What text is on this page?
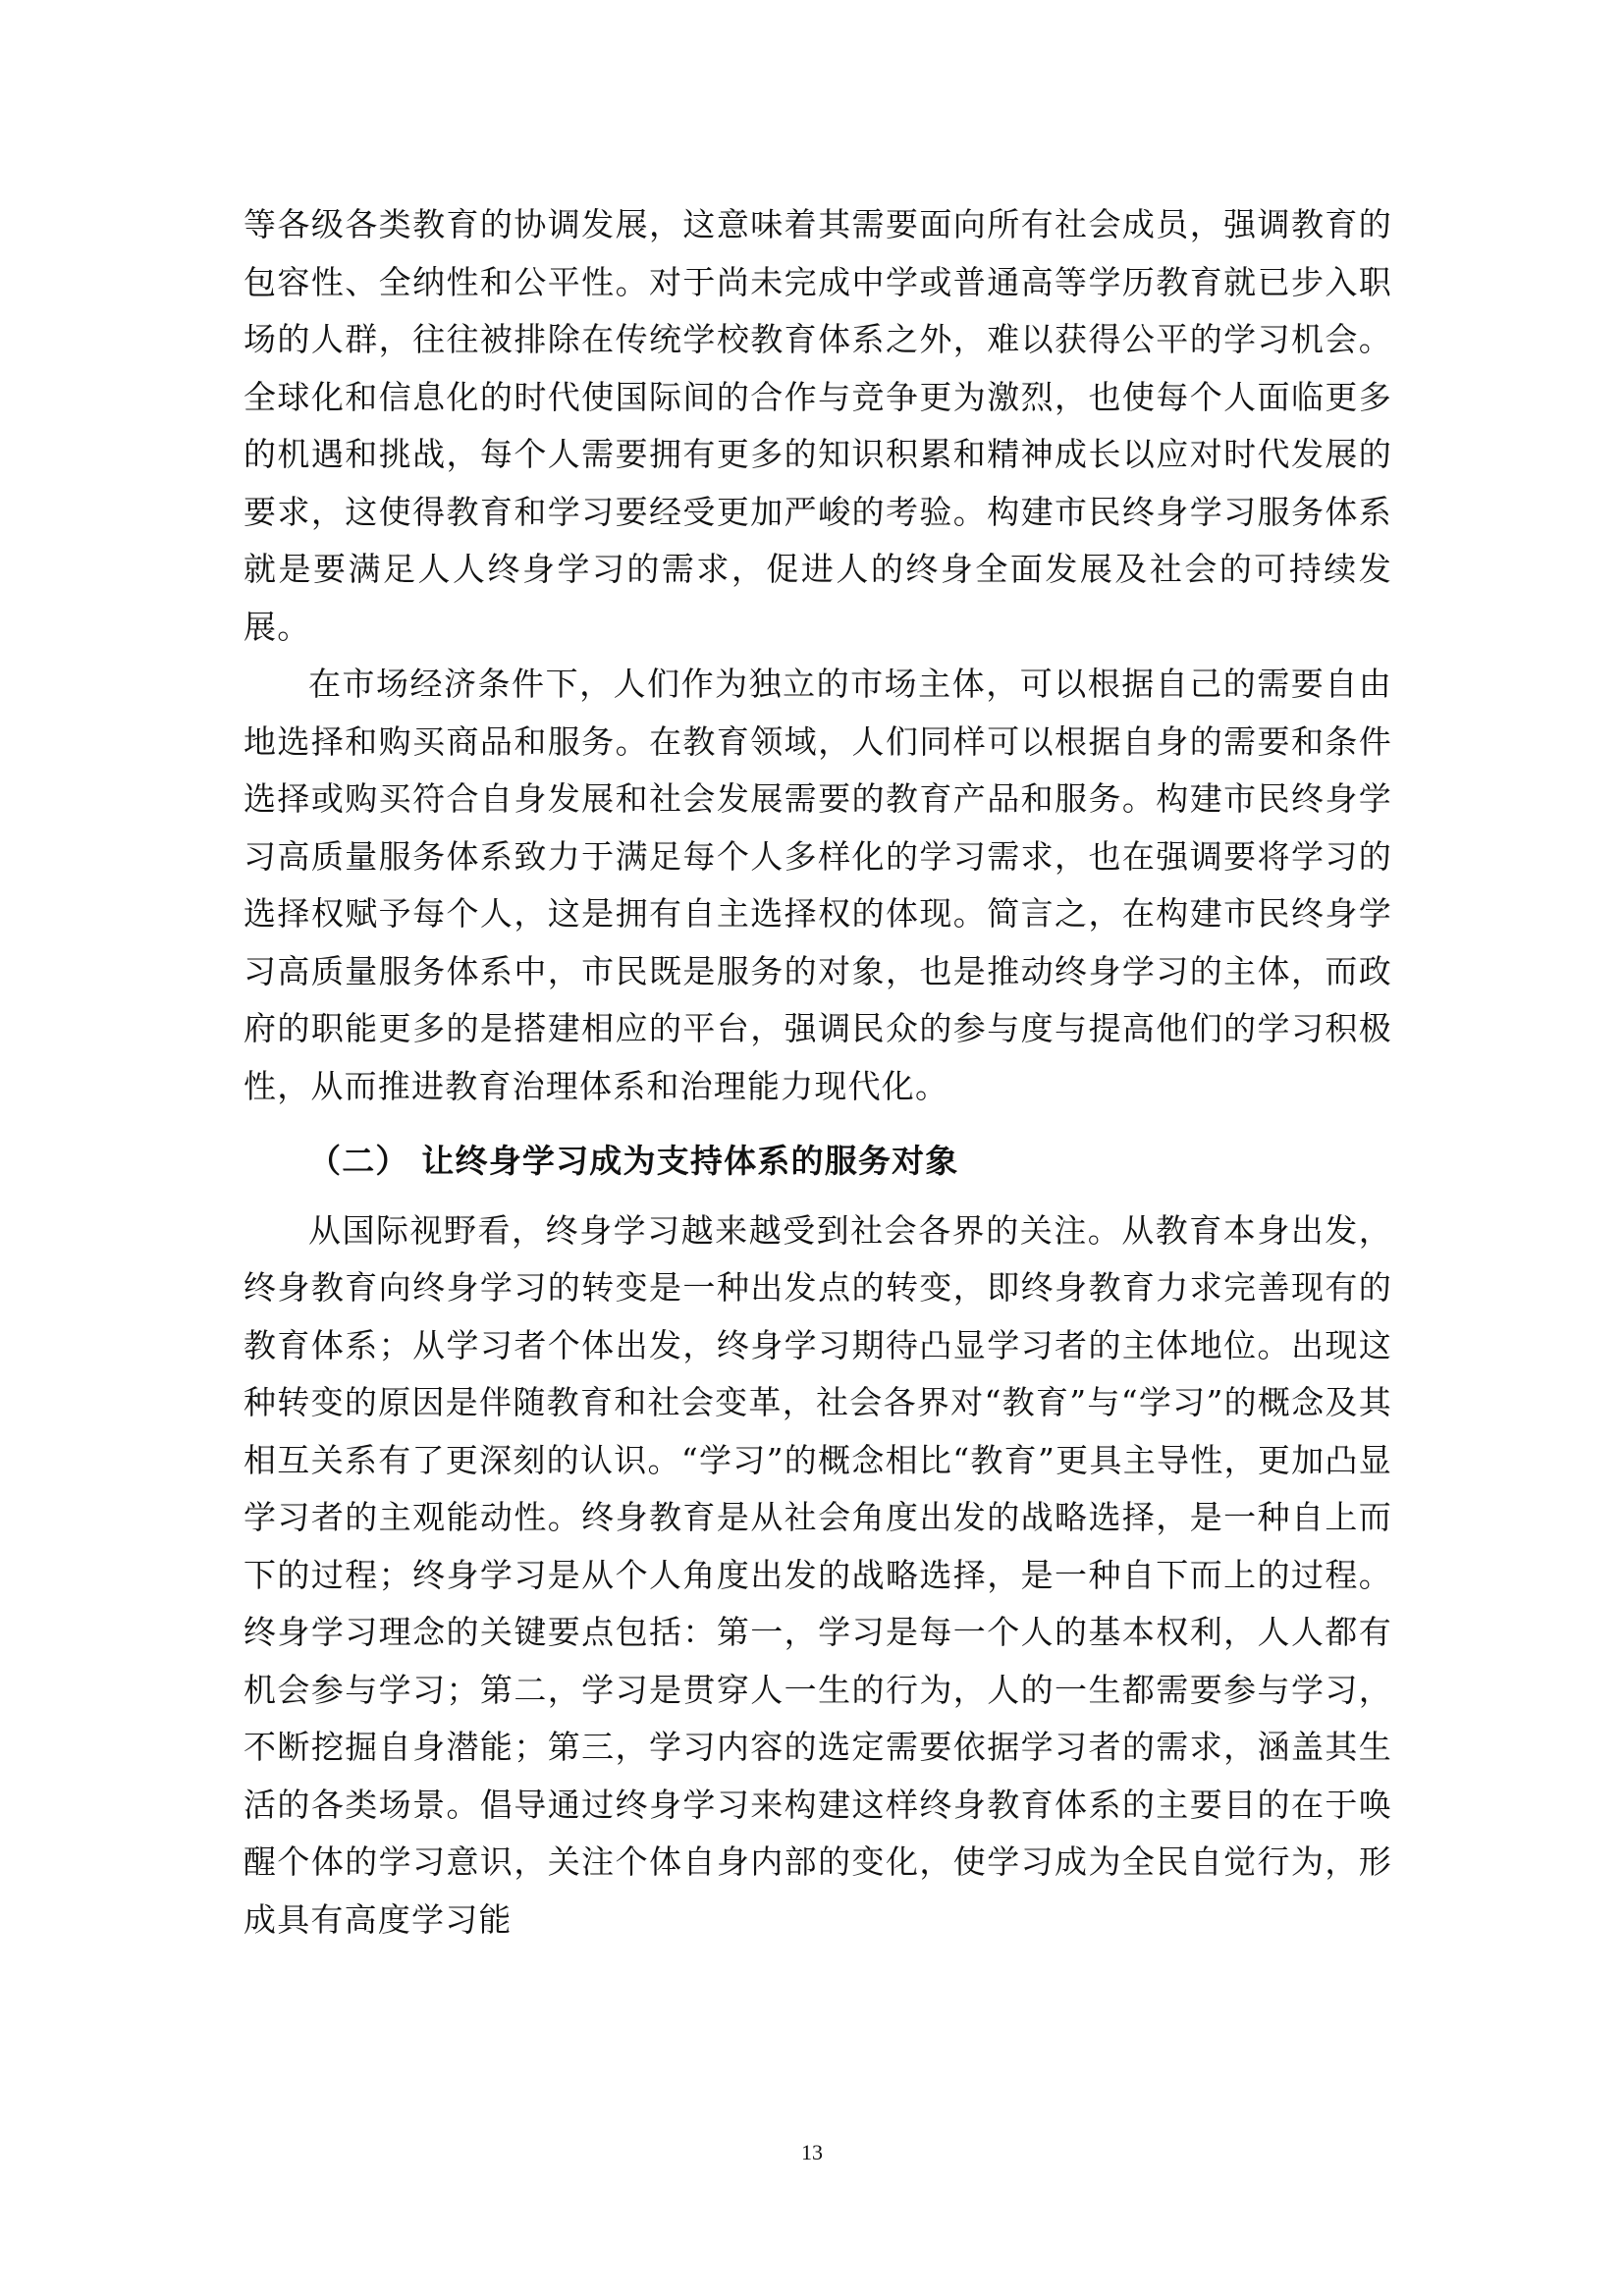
等各级各类教育的协调发展，这意味着其需要面向所有社会成员，强调教育的包容性、全纳性和公平性。对于尚未完成中学或普通高等学历教育就已步入职场的人群，往往被排除在传统学校教育体系之外，难以获得公平的学习机会。全球化和信息化的时代使国际间的合作与竞争更为激烈，也使每个人面临更多的机遇和挑战，每个人需要拥有更多的知识积累和精神成长以应对时代发展的要求，这使得教育和学习要经受更加严峻的考验。构建市民终身学习服务体系就是要满足人人终身学习的需求，促进人的终身全面发展及社会的可持续发展。

在市场经济条件下，人们作为独立的市场主体，可以根据自己的需要自由地选择和购买商品和服务。在教育领域，人们同样可以根据自身的需要和条件选择或购买符合自身发展和社会发展需要的教育产品和服务。构建市民终身学习高质量服务体系致力于满足每个人多样化的学习需求，也在强调要将学习的选择权赋予每个人，这是拥有自主选择权的体现。简言之，在构建市民终身学习高质量服务体系中，市民既是服务的对象，也是推动终身学习的主体，而政府的职能更多的是搭建相应的平台，强调民众的参与度与提高他们的学习积极性，从而推进教育治理体系和治理能力现代化。

（二） 让终身学习成为支持体系的服务对象

从国际视野看，终身学习越来越受到社会各界的关注。从教育本身出发，终身教育向终身学习的转变是一种出发点的转变，即终身教育力求完善现有的教育体系；从学习者个体出发，终身学习期待凸显学习者的主体地位。出现这种转变的原因是伴随教育和社会变革，社会各界对“教育”与“学习”的概念及其相互关系有了更深刻的认识。“学习”的概念相比“教育”更具主导性，更加凸显学习者的主观能动性。终身教育是从社会角度出发的战略选择，是一种自上而下的过程；终身学习是从个人角度出发的战略选择，是一种自下而上的过程。终身学习理念的关键要点包括：第一，学习是每一个人的基本权利，人人都有机会参与学习；第二，学习是贯穿人一生的行为，人的一生都需要参与学习，不断挖掘自身潜能；第三，学习内容的选定需要依据学习者的需求，涵盖其生活的各类场景。倡导通过终身学习来构建这样终身教育体系的主要目的在于唤醒个体的学习意识，关注个体自身内部的变化，使学习成为全民自觉行为，形成具有高度学习能

13
